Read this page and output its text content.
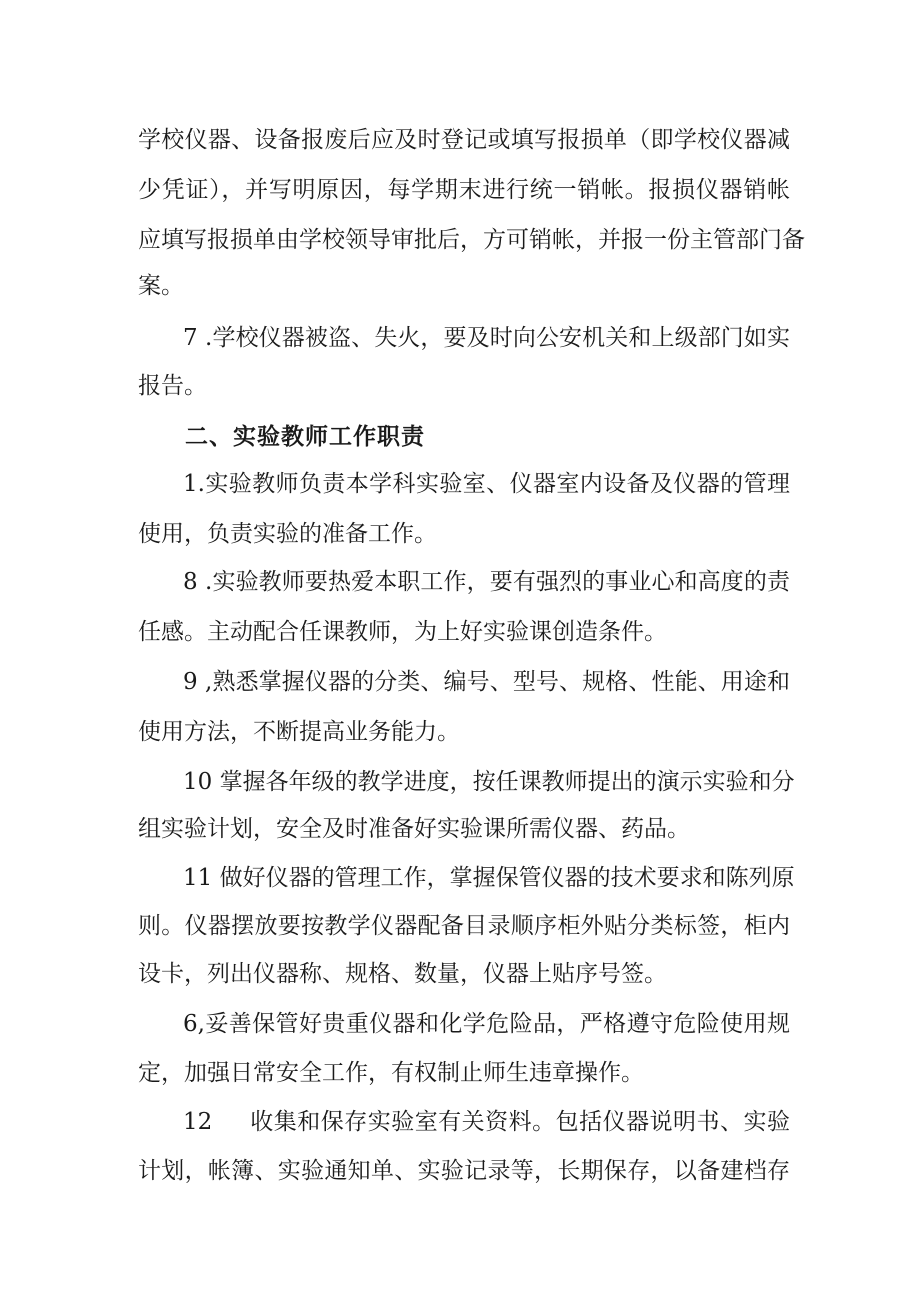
学校仪器、设备报废后应及时登记或填写报损单（即学校仪器减
少凭证），并写明原因，每学期末进行统一销帐。报损仪器销帐
应填写报损单由学校领导审批后，方可销帐，并报一份主管部门备
案。
7 .学校仪器被盗、失火，要及时向公安机关和上级部门如实
报告。
二、实验教师工作职责
1.实验教师负责本学科实验室、仪器室内设备及仪器的管理
使用，负责实验的准备工作。
8 .实验教师要热爱本职工作，要有强烈的事业心和高度的责
任感。主动配合任课教师，为上好实验课创造条件。
9 ,熟悉掌握仪器的分类、编号、型号、规格、性能、用途和
使用方法，不断提高业务能力。
10 掌握各年级的教学进度，按任课教师提出的演示实验和分
组实验计划，安全及时准备好实验课所需仪器、药品。
11 做好仪器的管理工作，掌握保管仪器的技术要求和陈列原
则。仪器摆放要按教学仪器配备目录顺序柜外贴分类标签，柜内
设卡，列出仪器称、规格、数量，仪器上贴序号签。
6,妥善保管好贵重仪器和化学危险品，严格遵守危险使用规
定，加强日常安全工作，有权制止师生违章操作。
12 收集和保存实验室有关资料。包括仪器说明书、实验
计划，帐簿、实验通知单、实验记录等，长期保存，以备建档存
